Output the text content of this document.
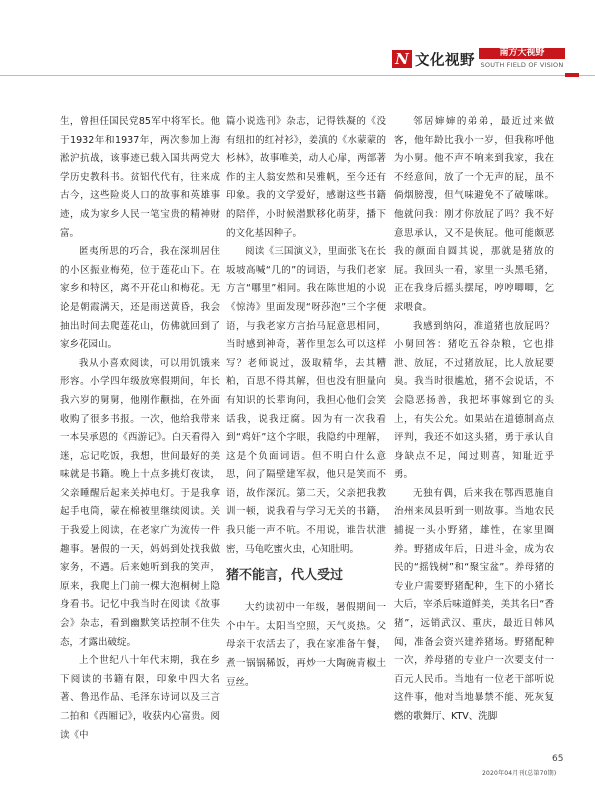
N 文化视野	南方大视野
SOUTH FIELD OF VISION

生，曾担任国民党85军中将军长。他于1932年和1937年，两次参加上海淞沪抗战，该事迹已载入国共两党大学历史教科书。贫铝代代有，往来成古今，这些险炎人口的故事和英雄事迹，成为家乡人民一笔宝贵的精神财富。

匿夷所思的巧合，我在深圳居住的小区振业梅苑，位于莲花山下。在家乡和特区，离不开花山和梅花。无论是朝霞满天，还是雨送黄昏，我会抽出时间去爬莲花山，仿佛就回到了家乡花园山。

我从小喜欢阅读，可以用饥饿来形容。小学四年级放寒假期间，年长我六岁的舅舅，他刚作颧拙，在外面收购了很多书报。一次，他给我带来一本吴承恩的《西游记》。白天看得入迷，忘记吃饭，我想，世间最好的美味就是书籍。晚上十点多挑灯夜读，父亲睡醒后起来关掉电灯。于是我拿起手电筒，蒙在棉被里继续阅读。关于我爱上阅读，在老家广为流传一件趣事。暑假的一天，妈妈到处找我做家务，不遇。后来她听到我的笑声，原来，我爬上门前一棵大泡桐树上隐身看书。记忆中我当时在阅读《故事会》杂志，看到幽默笑话控制不住失态，才露出破绽。

上个世纪八十年代末期，我在乡下阅读的书籍有限，印象中四大名著、鲁迅作品、毛泽东诗词以及三言二拍和《西厢记》，收获内心富贵。阅读《中

篇小说选刊》杂志，记得铁凝的《没有纽扣的红衬衫》，姜滇的《水蒙蒙的杉林》，故事唯美，动人心扉，两部著作的主人翁安然和吴雅帆，至今还有印象。我的文学爱好，感谢这些书籍的陪伴，小时候潜默移化萌芽，播下的文化基因种子。

阅读《三国演义》，里面张飞在长坂坡高喊“几的”的词语，与我们老家方言“哪里”相同。我在陈世旭的小说《惊涛》里面发现“呀莎泡”三个字便语，与我老家方言抬马屁意思相同，当时感到神奇，著作里怎么可以这样写？老师说过，汲取精华，去其糟粕，百思不得其解，但也没有胆量向有知识的长辈询问，我担心他们会笑话我，说我迂腐。因为有一次我看到“鸡奸”这个字眼，我隐约中理解，这是个负面词语。但不明白什么意思，问了隔壁建军叔，他只是笑而不语，故作深沉。第二天，父亲把我教训一顿，说我看与学习无关的书籍，我只能一声不吭。不用说，谁告状泄密，马龟吃蜜火虫，心知肚明。

猪不能言，代人受过

大约读初中一年级，暑假期间一个中午。太阳当空照，天气炎热。父母亲干农活去了，我在家准备午餐，煮一锅锅稀饭，再炒一大陶碗青椒土豆丝。

邻居婶婶的弟弟，最近过来做客，他年龄比我小一岁，但我称呼他为小舅。他不声不响来到我家，我在不经意间，放了一个无声的屁，虽不倘烟膀溲，但气味避免不了破嗦咪。他就问我：刚才你放屁了吗？我不好意思承认，又不是俠屁。他可能颇恶我的颜面自圆其说，那就是猪放的屁。我回头一看，家里一头黑毛猪，正在我身后摇头摆尾，哼哼唧唧，乞求喂食。

我感到纳闷，准道猪也放屁吗？小舅回答：猪吃五谷杂粮，它也排泄、放屁，不过猪放屁，比人放屁要臭。我当时很尴尬，猪不会说话，不会隐恶扬善，我把坏事嫁到它的头上，有失公允。如果站在道德制高点评判，我还不如这头猪，勇于承认自身缺点不足，闻过则喜，知耻近乎勇。

无独有偶，后来我在鄂西恩施自治州来凤县听到一则故事。当地农民捕捉一头小野猪，雄性，在家里圈养。野猪成年后，日进斗金，成为农民的“摇钱树”和“聚宝盆”。养母猪的专业户需要野猪配种，生下的小猪长大后，宰杀后味道鲜美，美其名曰“香猪”，远销武汉、重庆，最近日韩风闻，准备会资兴建养猪场。野猪配种一次，养母猪的专业户一次要支付一百元人民币。当地有一位老干部听说这件事，他对当地暴禁不能、死灰复燃的歌舞厅、KTV、洗脚

65
2020年04月刊(总第70期)
